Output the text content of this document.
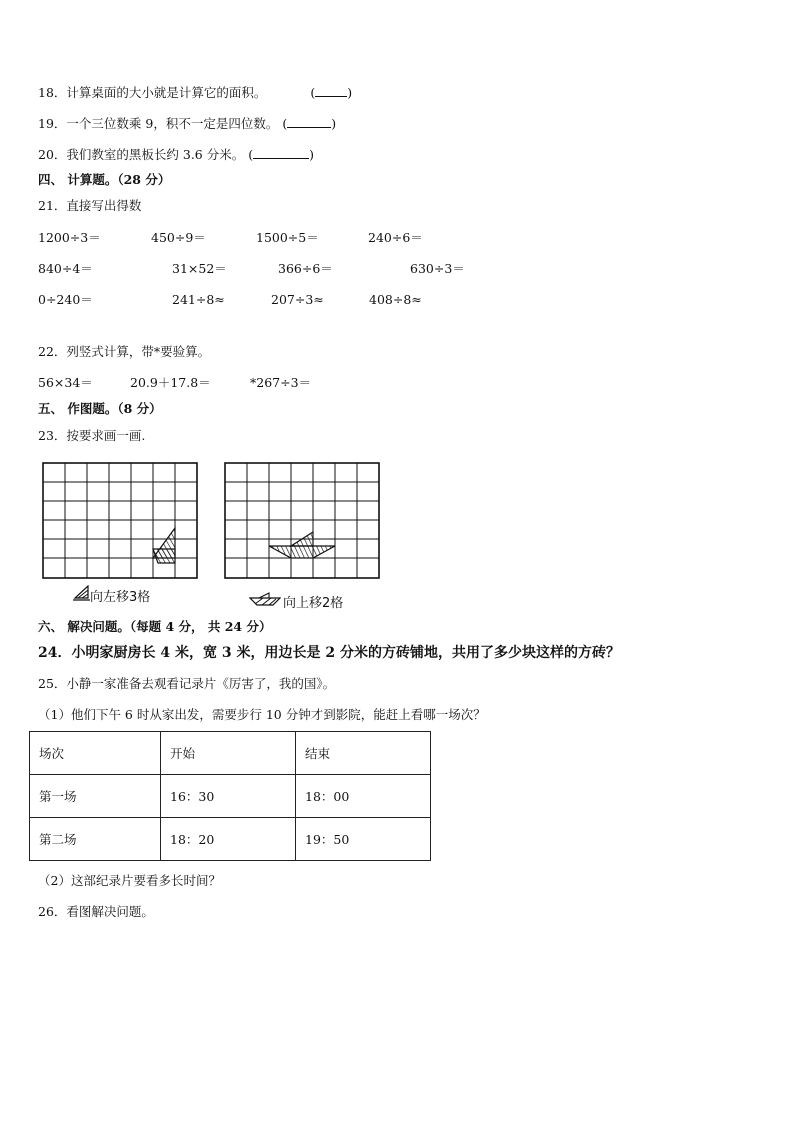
18．计算桌面的大小就是计算它的面积。	(	)
19．一个三位数乘 9，积不一定是四位数。 (	)
20．我们教室的黑板长约 3.6 分米。 (	)
四、 计算题。（28 分）
21．直接写出得数
1200÷3＝	450÷9＝	1500÷5＝	240÷6＝
840÷4＝	31×52＝	366÷6＝	630÷3＝
0÷240＝	241÷8≈	207÷3≈	408÷8≈
22．列竖式计算，带*要验算。
56×34＝	20.9＋17.8＝	*267÷3＝
五、 作图题。（8 分）
23．按要求画一画.
向左移3格	向上移2格
六、 解决问题。（每题 4 分， 共 24 分）
24．小明家厨房长 4 米，宽 3 米，用边长是 2 分米的方砖铺地，共用了多少块这样的方砖？
25．小静一家准备去观看记录片《厉害了，我的国》。
（1）他们下午 6 时从家出发，需要步行 10 分钟才到影院，能赶上看哪一场次？
场次	开始	结束
第一场	16：30	18：00
第二场	18：20	19：50
（2）这部纪录片要看多长时间？
26．看图解决问题。
